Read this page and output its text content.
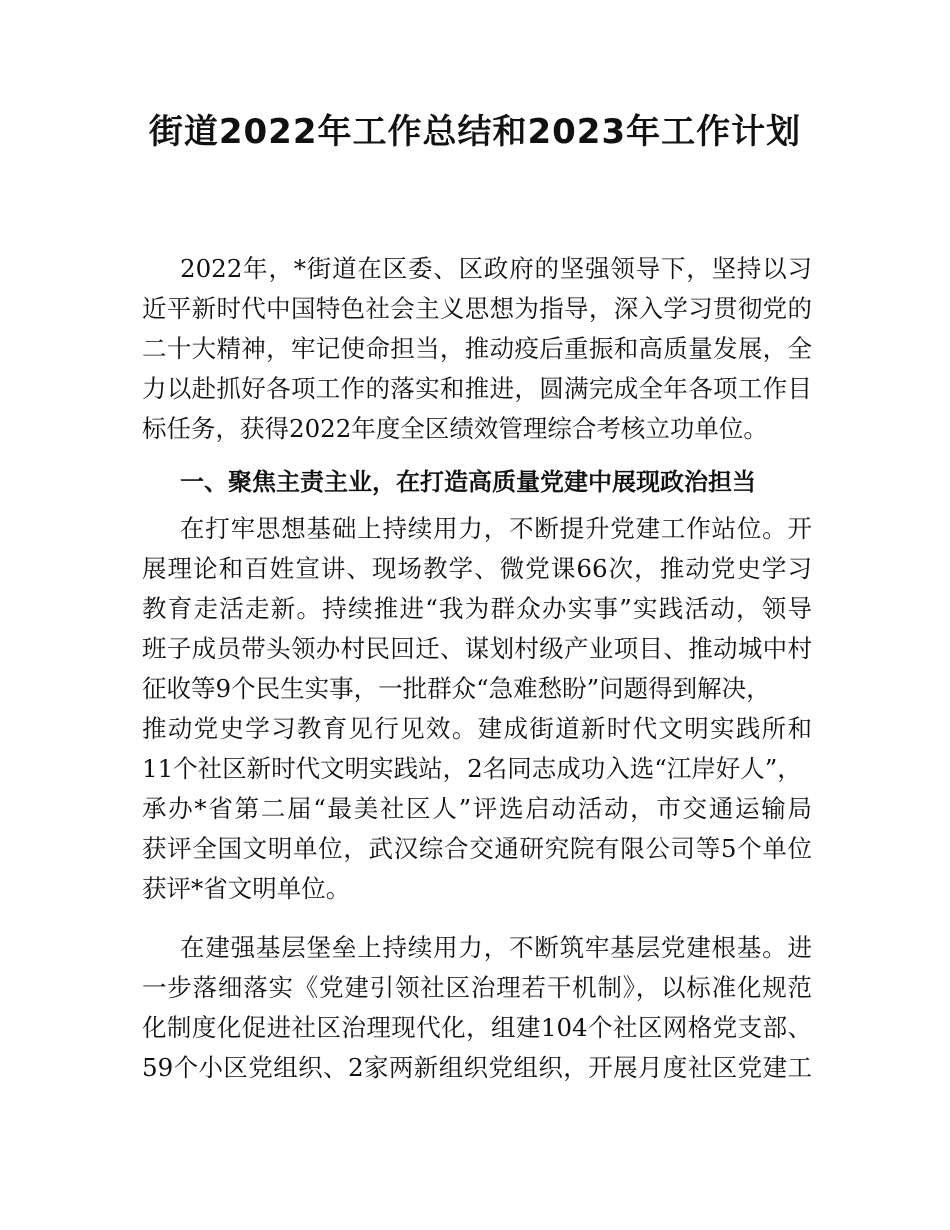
街道2022年工作总结和2023年工作计划
2022年，*街道在区委、区政府的坚强领导下，坚持以习
近平新时代中国特色社会主义思想为指导，深入学习贯彻党的
二十大精神，牢记使命担当，推动疫后重振和高质量发展，全
力以赴抓好各项工作的落实和推进，圆满完成全年各项工作目
标任务，获得2022年度全区绩效管理综合考核立功单位。
一、聚焦主责主业，在打造高质量党建中展现政治担当
在打牢思想基础上持续用力，不断提升党建工作站位。开
展理论和百姓宣讲、现场教学、微党课66次，推动党史学习
教育走活走新。持续推进“我为群众办实事”实践活动，领导
班子成员带头领办村民回迁、谋划村级产业项目、推动城中村
征收等9个民生实事，一批群众“急难愁盼”问题得到解决，
推动党史学习教育见行见效。建成街道新时代文明实践所和
11个社区新时代文明实践站，2名同志成功入选“江岸好人”，
承办*省第二届“最美社区人”评选启动活动，市交通运输局
获评全国文明单位，武汉综合交通研究院有限公司等5个单位
获评*省文明单位。
在建强基层堡垒上持续用力，不断筑牢基层党建根基。进
一步落细落实《党建引领社区治理若干机制》，以标准化规范
化制度化促进社区治理现代化，组建104个社区网格党支部、
59个小区党组织、2家两新组织党组织，开展月度社区党建工
